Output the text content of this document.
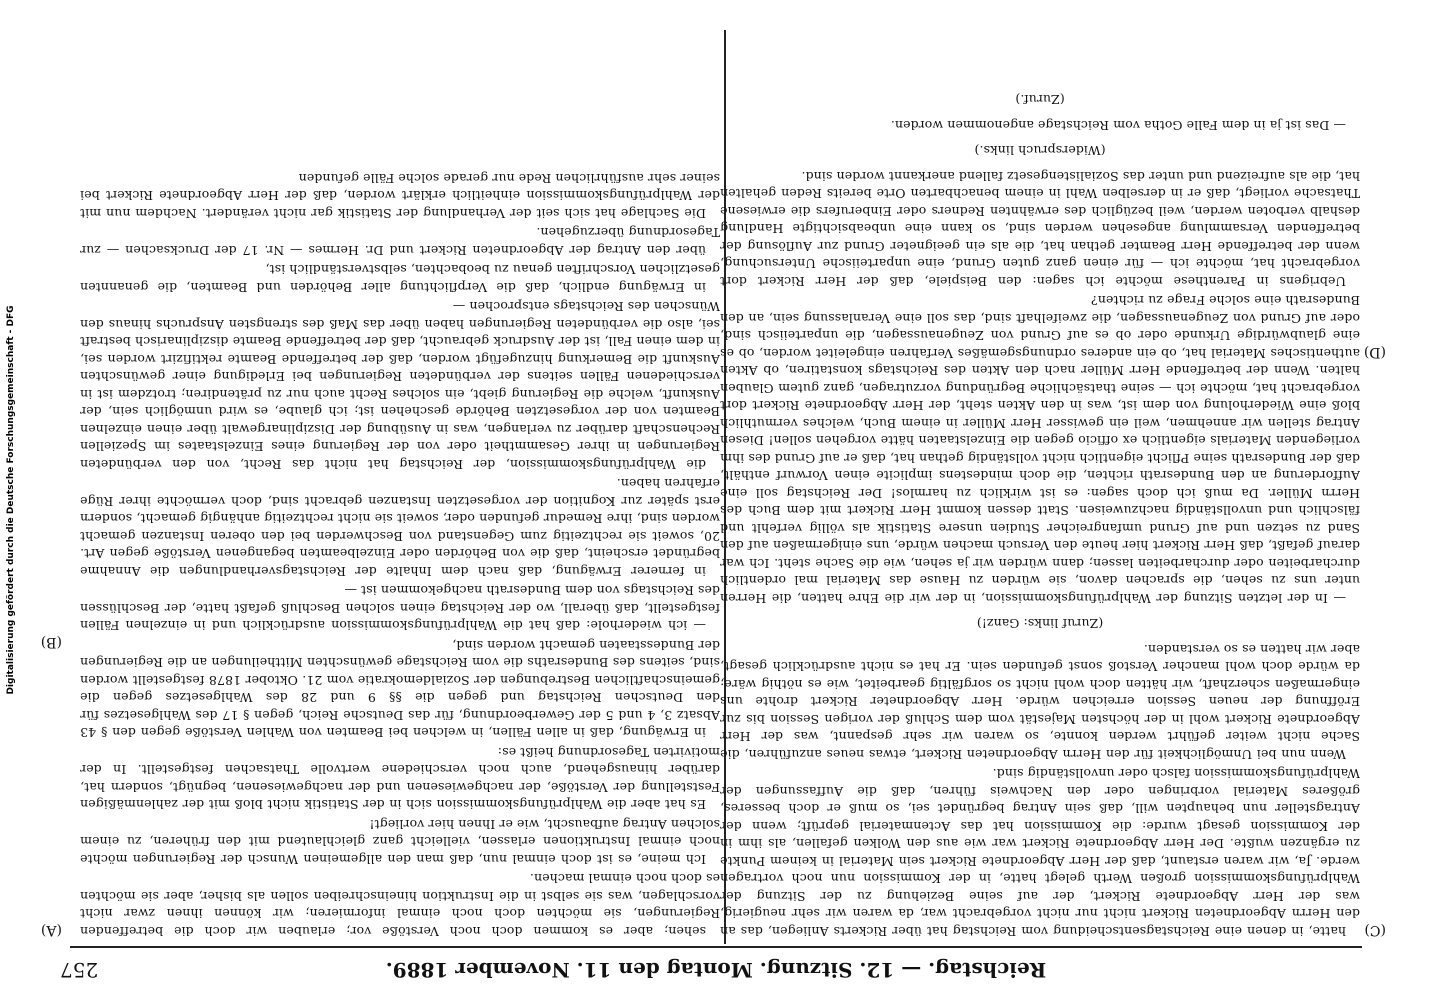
Reichstag. — 12. Sitzung. Montag den 11. November 1889.
257
(A)
(B)
(C)
(D)

sehen; aber es kommen doch noch Verstöße vor; erlauben wir doch die betreffenden Regierungen, sie möchten doch noch einmal informieren; wir können ihnen zwar nicht vorschlagen, was sie selbst in die Instruktion hineinschreiben sollen als bisher, aber sie möchten es doch noch einmal machen.

Ich meine, es ist doch einmal nun, daß man den allgemeinen Wunsch der Regierungen möchte noch einmal Instruktionen erlassen, vielleicht ganz gleichlautend mit den früheren, zu einem solchen Antrag aufbauscht, wie er Ihnen hier vorliegt!

Es hat aber die Wahlprüfungskommission sich in der Statistik nicht bloß mit der zahlenmäßigen Feststellung der Verstöße, der nachgewiesenen und der nachgewiesenen, begnügt, sondern hat, darüber hinausgehend, auch noch verschiedene wertvolle Thatsachen festgestellt. In der motivirten Tagesordnung heißt es:

in Erwägung, daß in allen Fällen, in welchen bei Beamten von Wahlen Verstöße gegen den § 43 Absatz 3, 4 und 5 der Gewerbeordnung, für das Deutsche Reich, gegen § 17 des Wahlgesetzes für den Deutschen Reichstag und gegen die §§ 9 und 28 des Wahlgesetzes gegen die gemeinschaftlichen Bestrebungen der Sozialdemokratie vom 21. Oktober 1878 festgestellt worden sind, seitens des Bundesraths die vom Reichstage gewünschten Mittheilungen an die Regierungen der Bundesstaaten gemacht worden sind,

— ich wiederhole: daß hat die Wahlprüfungskommission ausdrücklich und in einzelnen Fällen festgestellt, daß überall, wo der Reichstag einen solchen Beschluß gefaßt hatte, der Beschlüssen des Reichstags von dem Bundesrath nachgekommen ist —

in fernerer Erwägung, daß nach dem Inhalte der Reichstagsverhandlungen die Annahme begründet erscheint, daß die von Behörden oder Einzelbeamten begangenen Verstöße gegen Art. 20, soweit sie rechtzeitig zum Gegenstand von Beschwerden bei den oberen Instanzen gemacht worden sind, ihre Remedur gefunden oder, soweit sie nicht rechtzeitig anhängig gemacht, sondern erst später zur Kognition der vorgesetzten Instanzen gebracht sind, doch vermöchte ihrer Rüge erfahren haben.

die Wahlprüfungskommission, der Reichstag hat nicht das Recht, von den verbündeten Regierungen in ihrer Gesammtheit oder von der Regierung eines Einzelstaates im Speziellen Rechenschaft darüber zu verlangen, was in Ausübung der Disziplinargewalt über einen einzelnen Beamten von der vorgesetzten Behörde geschehen ist; ich glaube, es wird unmöglich sein, der Auskunft, welche die Regierung giebt, ein solches Recht auch nur zu prätendiren; trotzdem ist in verschiedenen Fällen seitens der verbündeten Regierungen bei Erledigung einer gewünschten Auskunft die Bemerkung hinzugefügt worden, daß der betreffende Beamte rektifizirt worden sei, in dem einen Fall, ist der Ausdruck gebraucht, daß der betreffende Beamte disziplinarisch bestraft sei, also die verbündeten Regierungen haben über das Maß des strengsten Anspruchs hinaus den Wünschen des Reichstags entsprochen —

in Erwägung endlich, daß die Verpflichtung aller Behörden und Beamten, die genannten gesetzlichen Vorschriften genau zu beobachten, selbstverständlich ist,

über den Antrag der Abgeordneten Rickert und Dr. Hermes — Nr. 17 der Drucksachen — zur Tagesordnung überzugehen.

Die Sachlage hat sich seit der Verhandlung der Statistik gar nicht verändert. Nachdem nun mit der Wahlprüfungskommission einheitlich erklärt worden, daß der Herr Abgeordnete Rickert bei seiner sehr ausführlichen Rede nur gerade solche Fälle gefunden

hatte, in denen eine Reichstagsentscheidung vom Reichstag hat über Rickerts Anliegen, das an den Herrn Abgeordneten Rickert nicht nur nicht vorgebracht war, da waren wir sehr neugierig, was der Herr Abgeordnete Rickert, der auf seine Beziehung zu der Sitzung der Wahlprüfungskommission großen Werth gelegt hatte, in der Kommission nun noch vortragen werde. Ja, wir waren erstaunt, daß der Herr Abgeordnete Rickert sein Material in keinem Punkte zu ergänzen wußte. Der Herr Abgeordnete Rickert war wie aus den Wolken gefallen, als ihm in der Kommission gesagt wurde: die Kommission hat das Actenmaterial geprüft; wenn der Antragsteller nun behaupten will, daß sein Antrag begründet sei, so muß er doch besseres, größeres Material vorbringen oder den Nachweis führen, daß die Auffassungen der Wahlprüfungskommission falsch oder unvollständig sind.

Wenn nun bei Unmöglichkeit für den Herrn Abgeordneten Rickert, etwas neues anzuführen, die Sache nicht weiter geführt werden konnte, so waren wir sehr gespannt, was der Herr Abgeordnete Rickert wohl in der höchsten Majestät vom dem Schluß der vorigen Session bis zur Eröffnung der neuen Session erreichen würde. Herr Abgeordneter Rickert drohte uns eingermaßen scherzhaft, wir hätten doch wohl nicht so sorgfältig gearbeitet, wie es nöthig wäre; da würde doch wohl mancher Verstoß sonst gefunden sein. Er hat es nicht ausdrücklich gesagt, aber wir hatten es so verstanden.

(Zuruf links: Ganz!)

— In der letzten Sitzung der Wahlprüfungskommission, in der wir die Ehre hatten, die Herren unter uns zu sehen, die sprachen davon, sie würden zu Hause das Material mal ordentlich durcharbeiten oder durcharbeiten lassen; dann würden wir ja sehen, wie die Sache steht. Ich war darauf gefaßt, daß Herr Rickert hier heute den Versuch machen würde, uns einigermaßen auf den Sand zu setzen und auf Grund umfangreicher Studien unsere Statistik als völlig verfehlt und fälschlich und unvollständig nachzuweisen. Statt dessen kommt Herr Rickert mit dem Buch des Herrn Müller. Da muß ich doch sagen: es ist wirklich zu harmlos! Der Reichstag soll eine Aufforderung an den Bundesrath richten, die doch mindestens implicite einen Vorwurf enthält, daß der Bundesrath seine Pflicht eigentlich nicht vollständig gethan hat, daß er auf Grund des ihm vorliegenden Materials eigentlich ex officio gegen die Einzelstaaten hätte vorgehen sollen! Diesen Antrag stellen wir annehmen, weil ein gewisser Herr Müller in einem Buch, welches vermuthlich bloß eine Wiederholung von dem ist, was in den Akten steht, der Herr Abgeordnete Rickert dort vorgebracht hat, möchte ich — seine thatsächliche Begründung vorzutragen, ganz gutem Glauben halten. Wenn der betreffende Herr Müller nach den Akten des Reichstags konstatiren, ob Akten authentisches Material hat, ob ein anderes ordnungsgemäßes Verfahren eingeleitet worden, ob es eine glaubwürdige Urkunde oder ob es auf Grund von Zeugenaussagen, die unparteiisch sind, oder auf Grund von Zeugenaussagen, die zweifelhaft sind, das soll eine Veranlassung sein, an den Bundesrath eine solche Frage zu richten?

Uebrigens in Parenthese möchte ich sagen: den Beispiele, daß der Herr Rickert dort vorgebracht hat, möchte ich — für einen ganz guten Grund, eine unparteiische Untersuchung, wenn der betreffende Herr Beamter gethan hat, die als ein geeigneter Grund zur Auflösung der betreffenden Versammlung angesehen werden sind, so kann eine unbeabsichtigte Handlung deshalb verboten werden, weil bezüglich des erwähnten Redners oder Einberufers die erwiesene Thatsache vorliegt, daß er in derselben Wahl in einem benachbarten Orte bereits Reden gehalten hat, die als aufreizend und unter das Sozialistengesetz fallend anerkannt worden sind.

(Widerspruch links.)

— Das ist ja in dem Falle Gotha vom Reichstage angenommen worden.

(Zuruf.)

Digitalisierung gefördert durch die Deutsche Forschungsgemeinschaft - DFG
